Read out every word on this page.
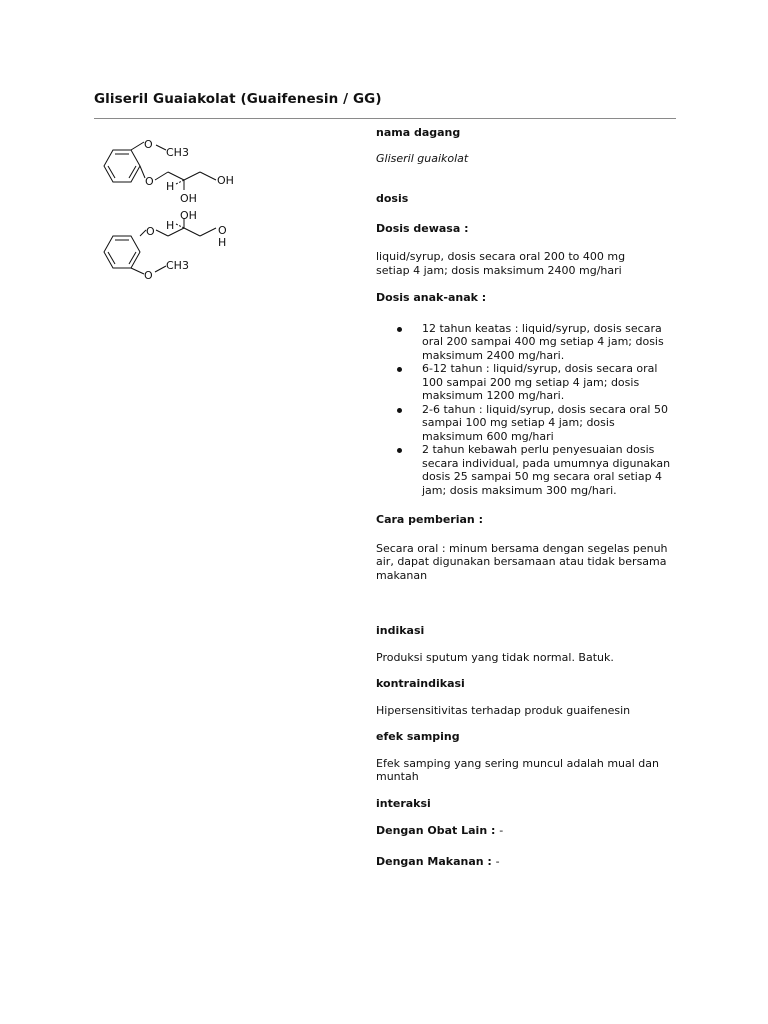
Gliseril Guaiakolat (Guaifenesin / GG)
O
CH3
O H
OH
OH
OH
H
O	O
H
O
CH3
nama dagang
Gliseril guaikolat
dosis
Dosis dewasa :
liquid/syrup, dosis secara oral 200 to 400 mg setiap 4 jam; dosis maksimum 2400 mg/hari
Dosis anak-anak :
12 tahun keatas : liquid/syrup, dosis secara oral 200 sampai 400 mg setiap 4 jam; dosis maksimum 2400 mg/hari.
6-12 tahun : liquid/syrup, dosis secara oral 100 sampai 200 mg setiap 4 jam; dosis maksimum 1200 mg/hari.
2-6 tahun : liquid/syrup, dosis secara oral 50 sampai 100 mg setiap 4 jam; dosis maksimum 600 mg/hari
2 tahun kebawah perlu penyesuaian dosis secara individual, pada umumnya digunakan dosis 25 sampai 50 mg secara oral setiap 4 jam; dosis maksimum 300 mg/hari.
Cara pemberian :
Secara oral : minum bersama dengan segelas penuh air, dapat digunakan bersamaan atau tidak bersama makanan
indikasi
Produksi sputum yang tidak normal. Batuk.
kontraindikasi
Hipersensitivitas terhadap produk guaifenesin
efek samping
Efek samping yang sering muncul adalah mual dan muntah
interaksi
Dengan Obat Lain : -
Dengan Makanan : -
